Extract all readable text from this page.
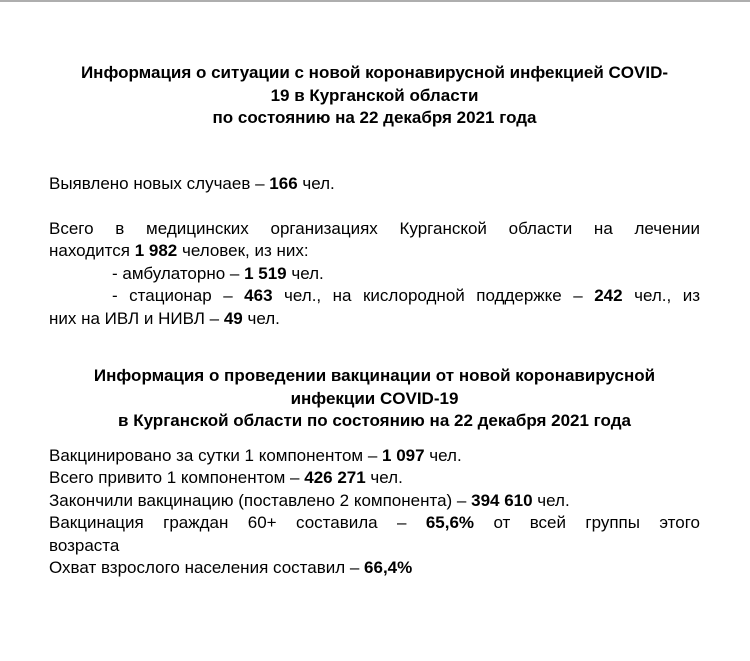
Информация о ситуации с новой коронавирусной инфекцией COVID-
19 в Курганской области
по состоянию на 22 декабря 2021 года

Выявлено новых случаев – 166 чел.

Всего в медицинских организациях Курганской области на лечении
находится 1 982 человек, из них:
- амбулаторно – 1 519 чел.
- стационар – 463 чел., на кислородной поддержке – 242 чел., из
них на ИВЛ и НИВЛ – 49 чел.
Информация о проведении вакцинации от новой коронавирусной
инфекции COVID-19
в Курганской области по состоянию на 22 декабря 2021 года
Вакцинировано за сутки 1 компонентом – 1 097 чел.
Всего привито 1 компонентом – 426 271 чел.
Закончили вакцинацию (поставлено 2 компонента) – 394 610 чел.
Вакцинация граждан 60+ составила – 65,6% от всей группы этого
возраста
Охват взрослого населения составил – 66,4%
